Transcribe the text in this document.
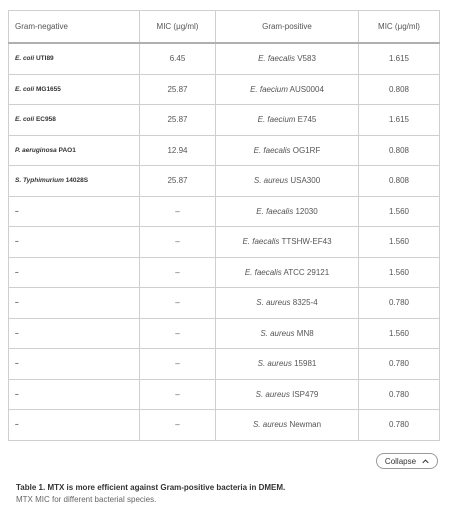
Gram-negative	MIC (μg/ml)	Gram-positive	MIC (μg/ml)
E. coli UTI89	6.45	E. faecalis V583	1.615
E. coli MG1655	25.87	E. faecium AUS0004	0.808
E. coli EC958	25.87	E. faecium E745	1.615
P. aeruginosa PAO1	12.94	E. faecalis OG1RF	0.808
S. Typhimurium 14028S	25.87	S. aureus USA300	0.808
–	–	E. faecalis 12030	1.560
–	–	E. faecalis TTSHW-EF43	1.560
–	–	E. faecalis ATCC 29121	1.560
–	–	S. aureus 8325-4	0.780
–	–	S. aureus MN8	1.560
–	–	S. aureus 15981	0.780
–	–	S. aureus ISP479	0.780
–	–	S. aureus Newman	0.780
Collapse
Table 1. MTX is more efficient against Gram-positive bacteria in DMEM.
MTX MIC for different bacterial species.
